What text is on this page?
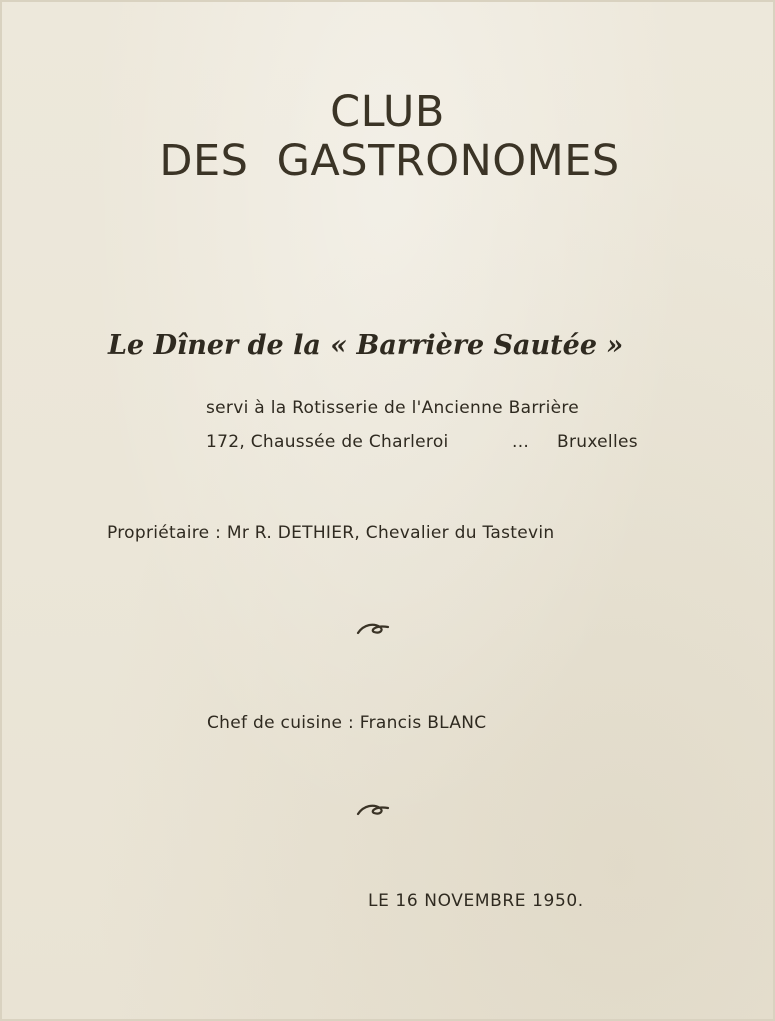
CLUB
DES GASTRONOMES
Le Dîner de la « Barrière Sautée »
servi à la Rotisserie de l'Ancienne Barrière
172, Chaussée de Charleroi	... Bruxelles
Propriétaire : Mr R. DETHIER, Chevalier du Tastevin
Chef de cuisine : Francis BLANC
LE 16 NOVEMBRE 1950.
